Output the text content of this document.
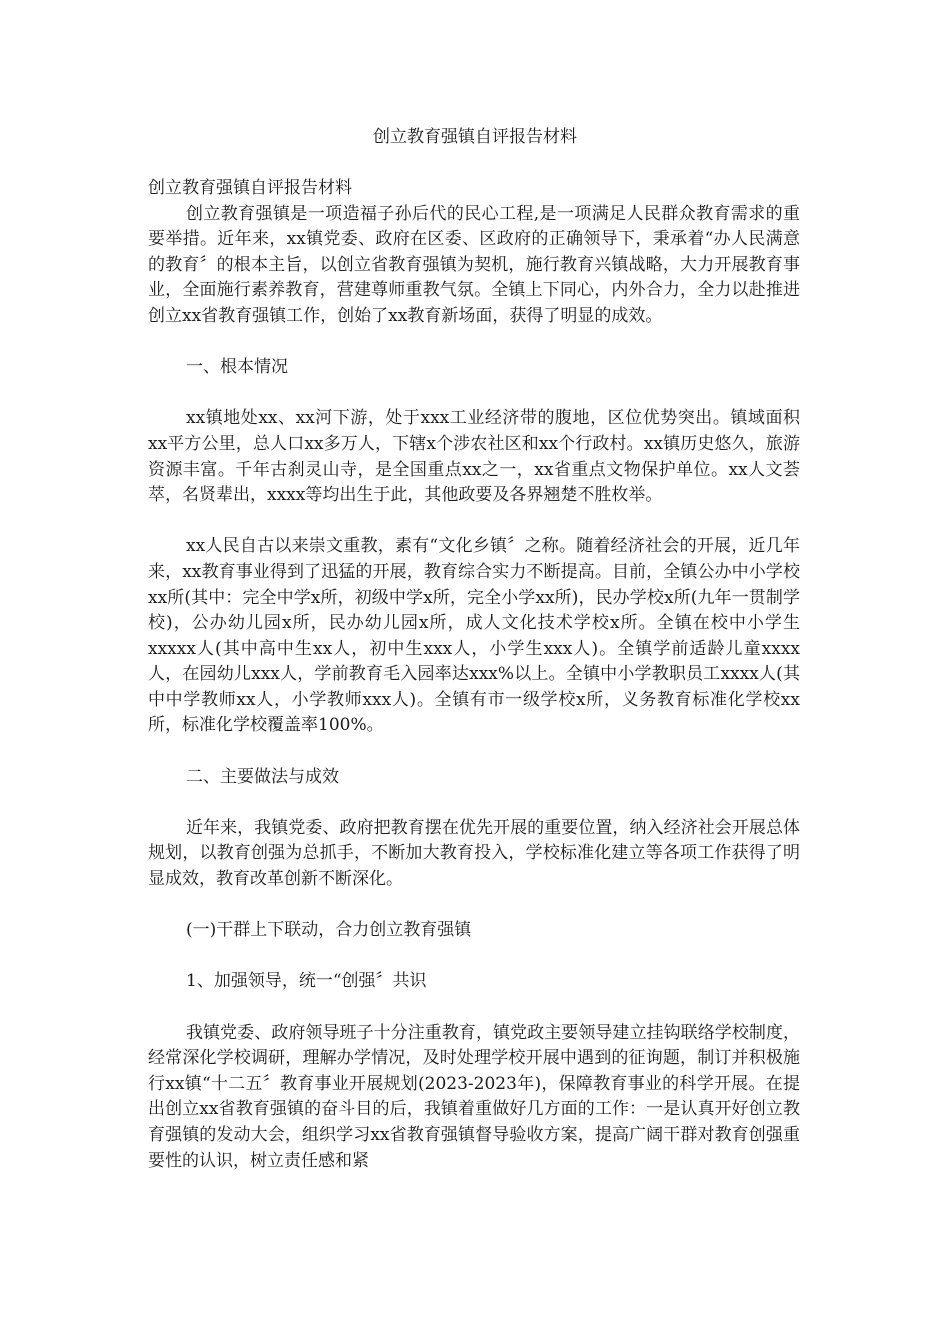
创立教育强镇自评报告材料

创立教育强镇自评报告材料

创立教育强镇是一项造福子孙后代的民心工程,是一项满足人民群众教育需求的重要举措。近年来，xx镇党委、政府在区委、区政府的正确领导下，秉承着“办人民满意的教育〞的根本主旨，以创立省教育强镇为契机，施行教育兴镇战略，大力开展教育事业，全面施行素养教育，营建尊师重教气氛。全镇上下同心，内外合力，全力以赴推进创立xx省教育强镇工作，创始了xx教育新场面，获得了明显的成效。

一、根本情况

xx镇地处xx、xx河下游，处于xxx工业经济带的腹地，区位优势突出。镇域面积xx平方公里，总人口xx多万人，下辖x个涉农社区和xx个行政村。xx镇历史悠久，旅游资源丰富。千年古刹灵山寺，是全国重点xx之一，xx省重点文物保护单位。xx人文荟萃，名贤辈出，xxxx等均出生于此，其他政要及各界翘楚不胜枚举。

xx人民自古以来崇文重教，素有“文化乡镇〞之称。随着经济社会的开展，近几年来，xx教育事业得到了迅猛的开展，教育综合实力不断提高。目前，全镇公办中小学校xx所(其中：完全中学x所，初级中学x所，完全小学xx所)，民办学校x所(九年一贯制学校)，公办幼儿园x所，民办幼儿园x所，成人文化技术学校x所。全镇在校中小学生xxxxx人(其中高中生xx人，初中生xxx人，小学生xxx人)。全镇学前适龄儿童xxxx人，在园幼儿xxx人，学前教育毛入园率达xxx%以上。全镇中小学教职员工xxxx人(其中中学教师xx人，小学教师xxx人)。全镇有市一级学校x所，义务教育标准化学校xx所，标准化学校覆盖率100%。

二、主要做法与成效

近年来，我镇党委、政府把教育摆在优先开展的重要位置，纳入经济社会开展总体规划，以教育创强为总抓手，不断加大教育投入，学校标准化建立等各项工作获得了明显成效，教育改革创新不断深化。

(一)干群上下联动，合力创立教育强镇

1、加强领导，统一“创强〞共识

我镇党委、政府领导班子十分注重教育，镇党政主要领导建立挂钩联络学校制度，经常深化学校调研，理解办学情况，及时处理学校开展中遇到的征询题，制订并积极施行xx镇“十二五〞教育事业开展规划(2023-2023年)，保障教育事业的科学开展。在提出创立xx省教育强镇的奋斗目的后，我镇着重做好几方面的工作：一是认真开好创立教育强镇的发动大会，组织学习xx省教育强镇督导验收方案，提高广阔干群对教育创强重要性的认识，树立责任感和紧
